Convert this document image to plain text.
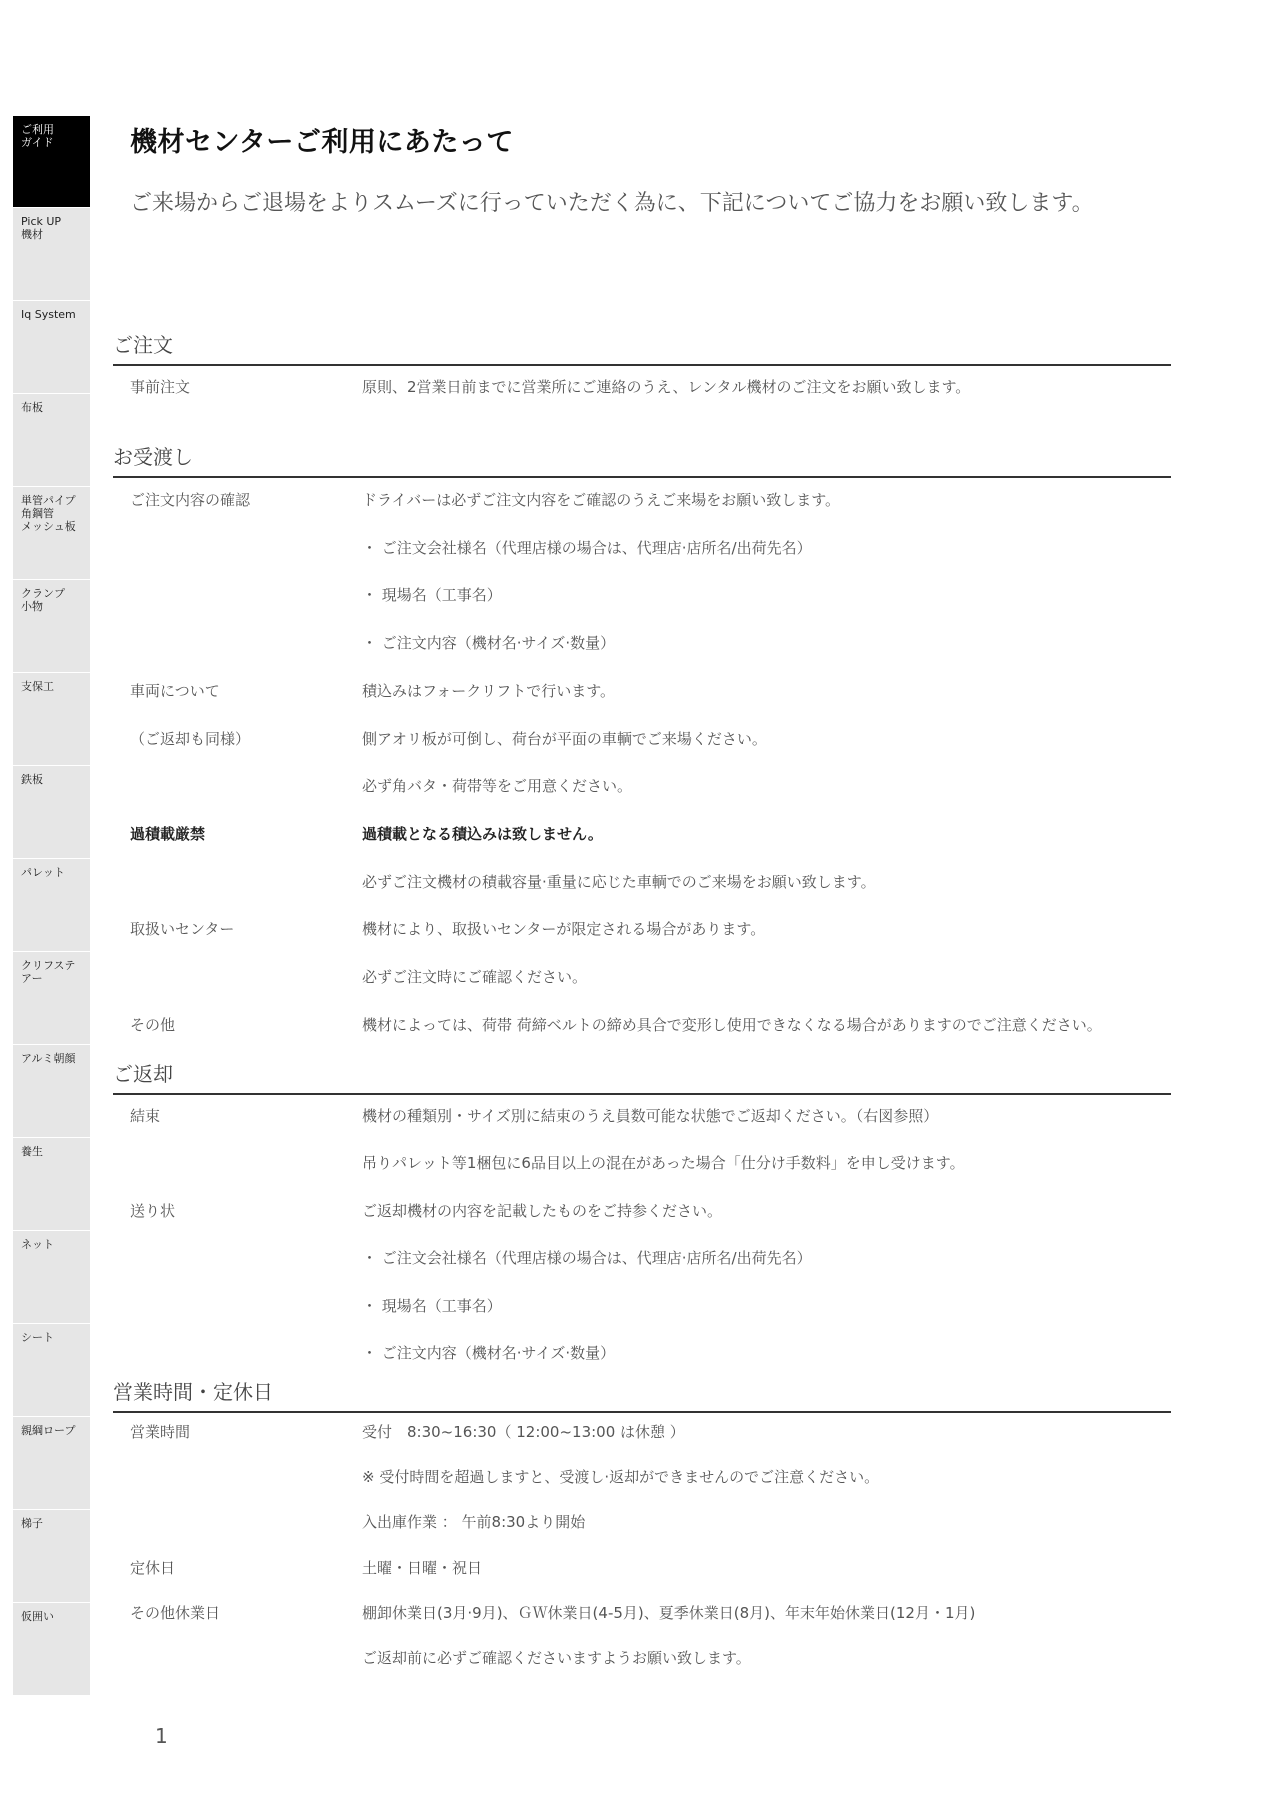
ご利用
ガイド
Pick UP
機材
Iq System
布板
単管パイプ
角鋼管
メッシュ板
クランプ
小物
支保工
鉄板
パレット
クリフステ
アー
アルミ朝顔
養生
ネット
シート
親綱ロープ
梯子
仮囲い
機材センターご利用にあたって

ご来場からご退場をよりスムーズに行っていただく為に、下記についてご協力をお願い致します。

ご注文
事前注文	原則、2営業日前までに営業所にご連絡のうえ、レンタル機材のご注文をお願い致します。
お受渡し
ご注文内容の確認	ドライバーは必ずご注文内容をご確認のうえご来場をお願い致します。
・ ご注文会社様名（代理店様の場合は、代理店·店所名/出荷先名）
・ 現場名（工事名）
・ ご注文内容（機材名·サイズ·数量）
車両について	積込みはフォークリフトで行います。
（ご返却も同様）	側アオリ板が可倒し、荷台が平面の車輌でご来場ください。
必ず角バタ・荷帯等をご用意ください。
過積載厳禁	過積載となる積込みは致しません。
必ずご注文機材の積載容量·重量に応じた車輌でのご来場をお願い致します。
取扱いセンター	機材により、取扱いセンターが限定される場合があります。
必ずご注文時にご確認ください。
その他	機材によっては、荷帯 荷締ベルトの締め具合で変形し使用できなくなる場合がありますのでご注意ください。
ご返却
結束	機材の種類別・サイズ別に結束のうえ員数可能な状態でご返却ください。（右図参照）
吊りパレット等1梱包に6品目以上の混在があった場合「仕分け手数料」を申し受けます。
送り状	ご返却機材の内容を記載したものをご持参ください。
・ ご注文会社様名（代理店様の場合は、代理店·店所名/出荷先名）
・ 現場名（工事名）
・ ご注文内容（機材名·サイズ·数量）
営業時間・定休日
営業時間	受付　8:30~16:30（ 12:00~13:00 は休憩 ）
※ 受付時間を超過しますと、受渡し·返却ができませんのでご注意ください。
入出庫作業 ： 午前8:30より開始
定休日	土曜・日曜・祝日
その他休業日	棚卸休業日(3月·9月)、ＧＷ休業日(4-5月)、夏季休業日(8月)、年末年始休業日(12月・1月)
ご返却前に必ずご確認くださいますようお願い致します。
1
